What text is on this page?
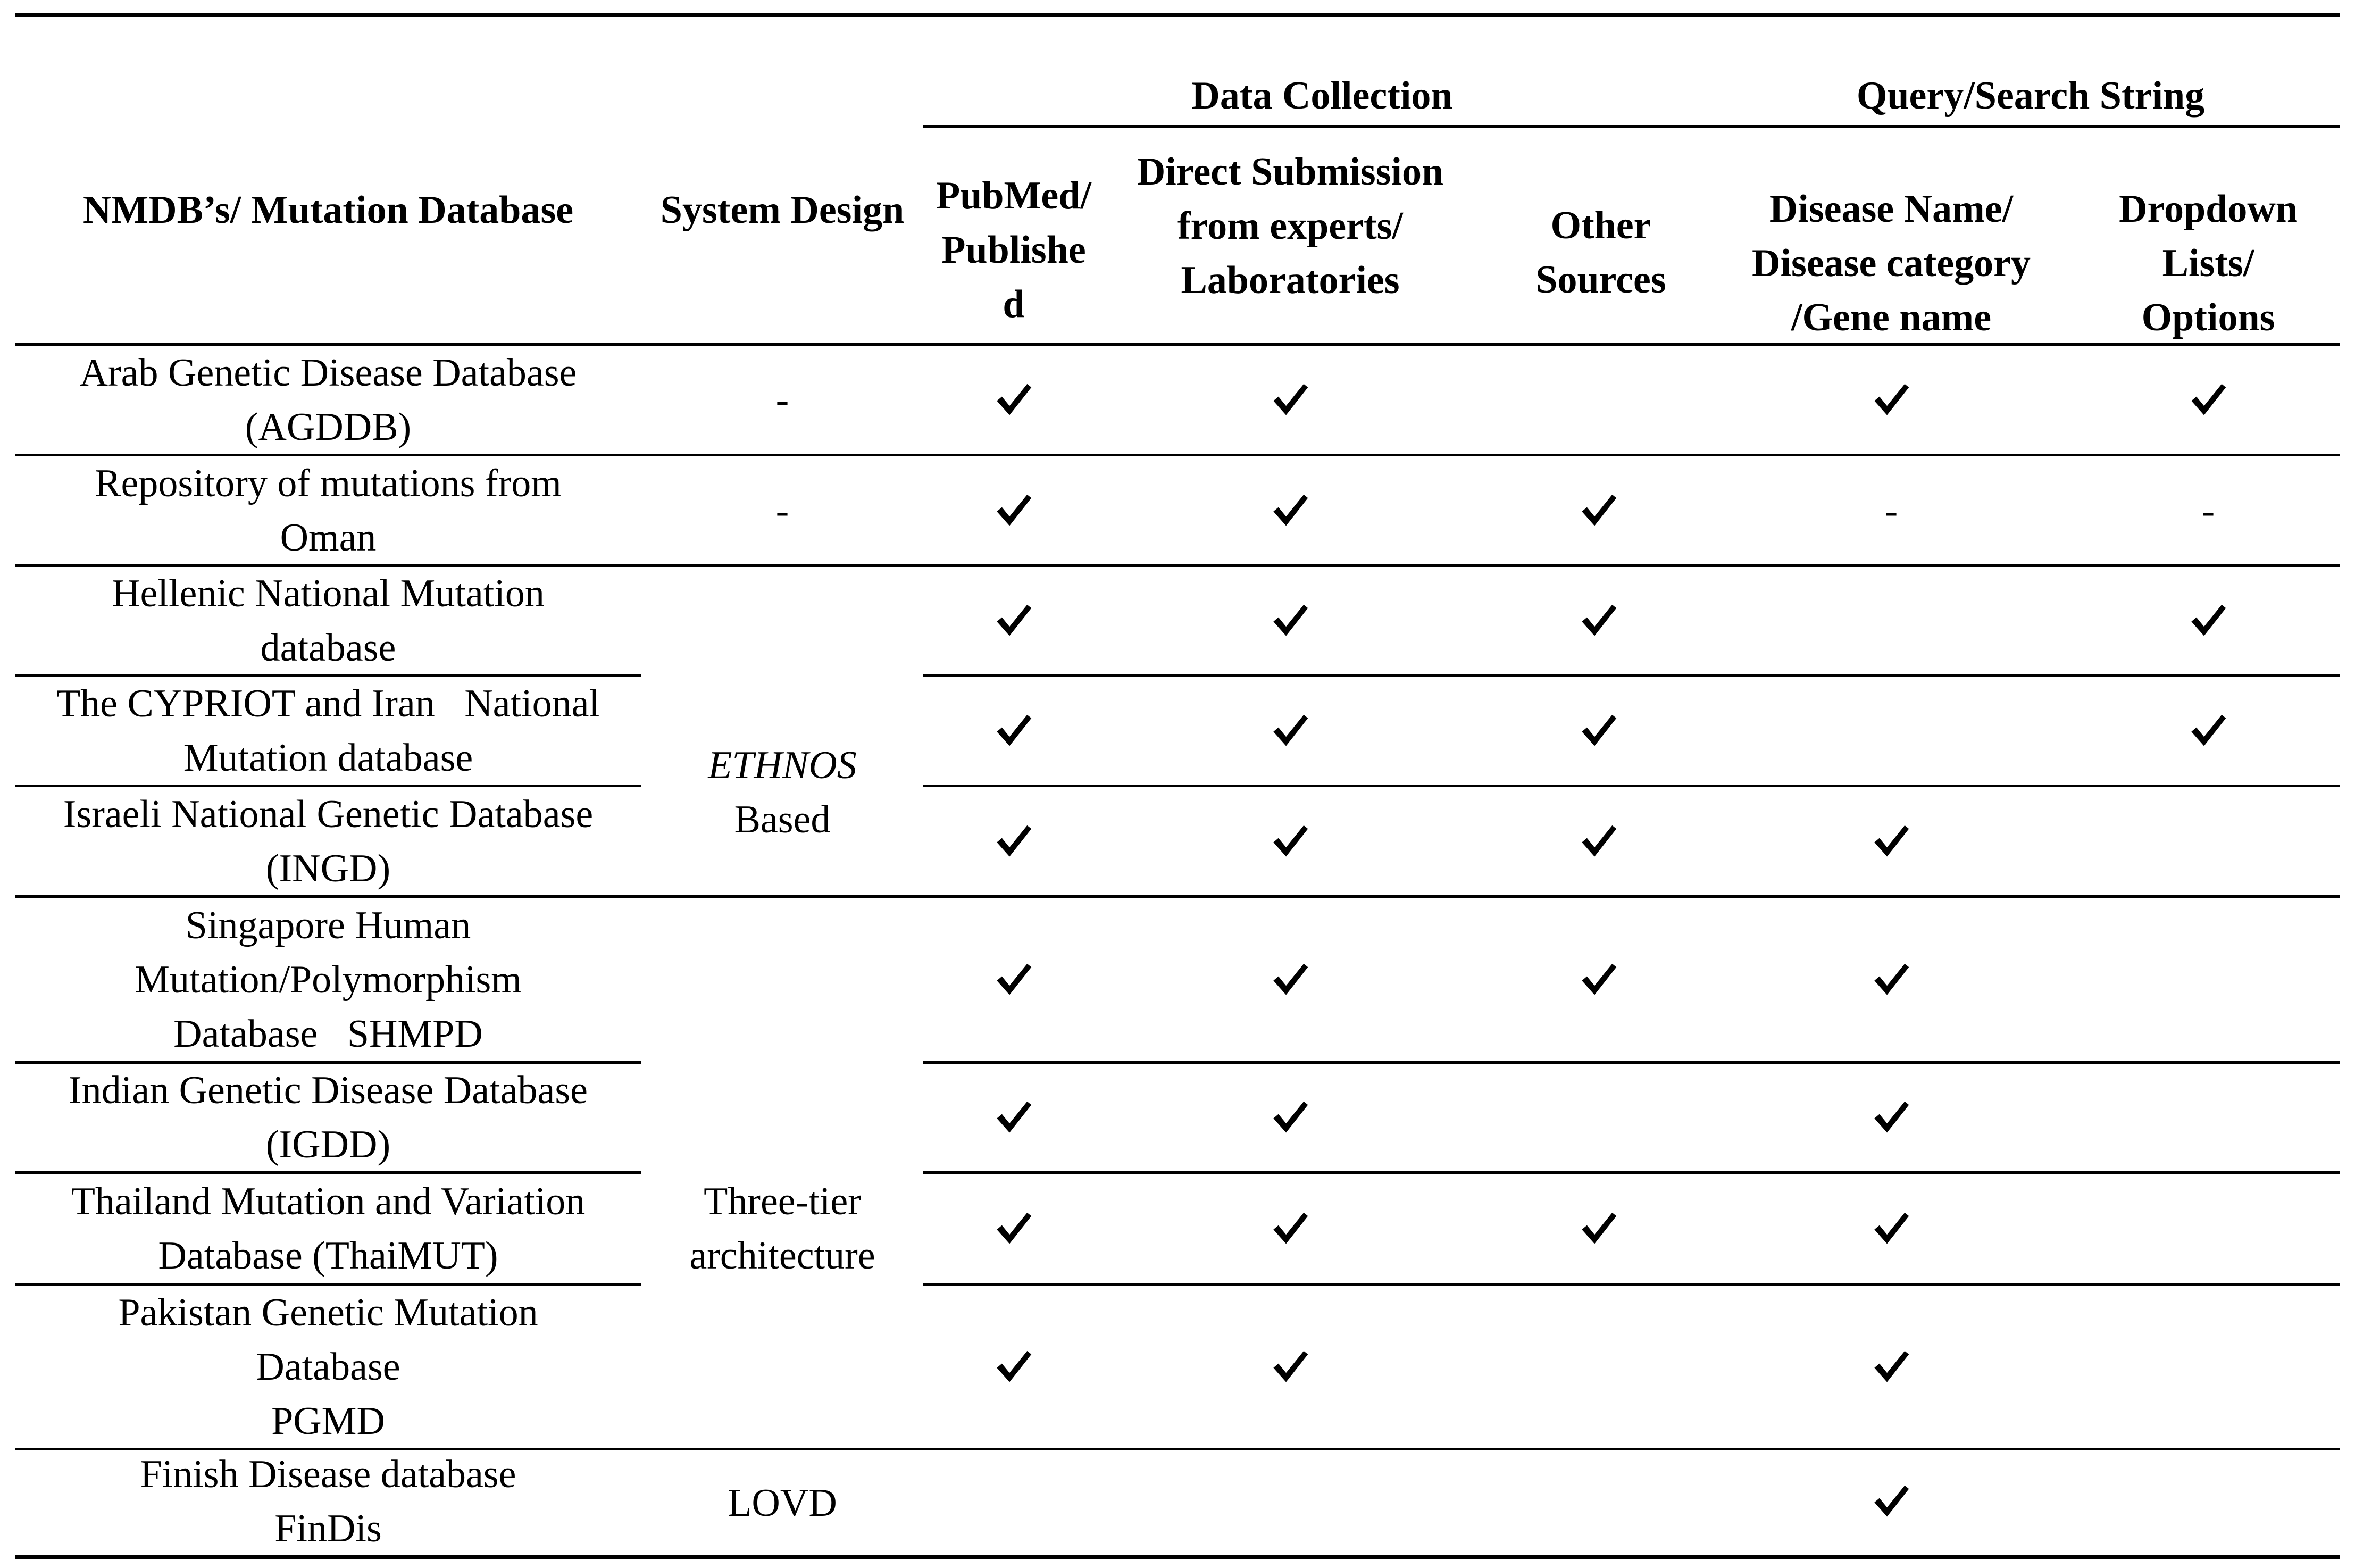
NMDB’s/ Mutation Database System Design
Data Collection	Query/Search String
PubMed/
Publishe
d
Direct Submission
from experts/
Laboratories
Other
Sources
Disease Name/
Disease category
/Gene name
Dropdown
Lists/
Options
Arab Genetic Disease Database
(AGDDB)
Repository of mutations from
Oman
-	-
Hellenic National Mutation
database
The CYPRIOT and Iran   National
Mutation database
Israeli National Genetic Database
(INGD)
Singapore Human
Mutation/Polymorphism
Database   SHMPD
Indian Genetic Disease Database
(IGDD)
Thailand Mutation and Variation
Database (ThaiMUT)
Pakistan Genetic Mutation
Database
PGMD
Finish Disease database
FinDis
-
-
ETHNOS
Based
Three-tier
architecture
LOVD
